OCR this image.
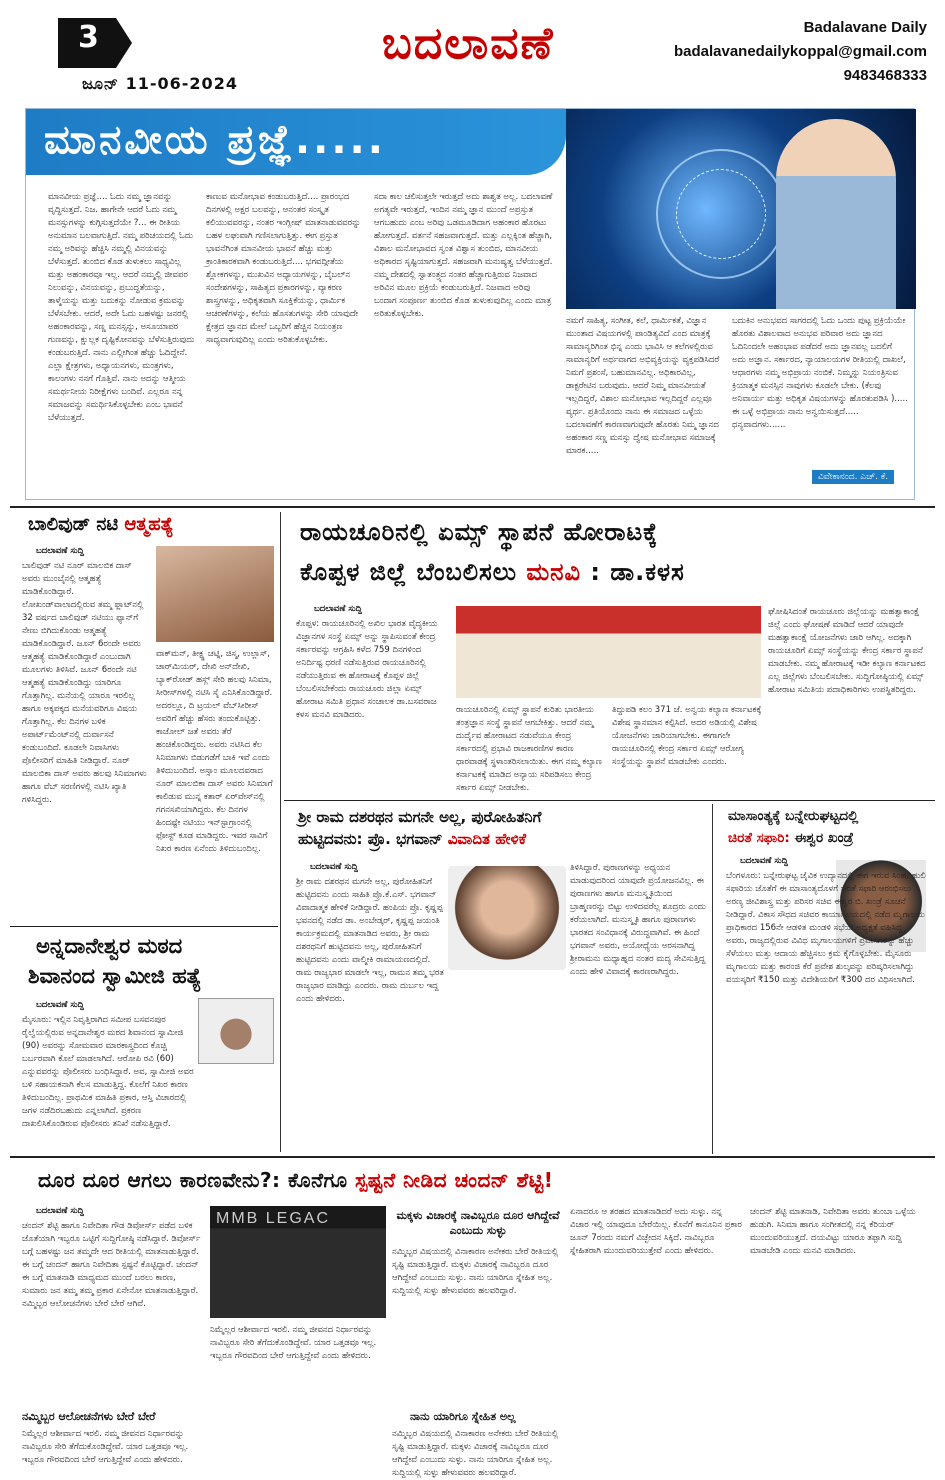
3
ಜೂನ್ 11-06-2024
ಬದಲಾವಣೆ	Badalavane Daily
badalavanedailykoppal@gmail.com
9483468333
ಮಾನವೀಯ ಪ್ರಜ್ಞೆ.....
ಮಾನವೀಯ ಪ್ರಜ್ಞೆ.... ಓದು ನಮ್ಮ ಜ್ಞಾನವನ್ನು ವೃದ್ಧಿಸುತ್ತದೆ. ನಿಜ. ಹಾಗೇನೇ ಆದರೆ ಓದು ನಮ್ಮ ಮನಸ್ಸುಗಳನ್ನು ಕುಗ್ಗಿಸುತ್ತದೆಯೇ ?... ಈ ರೀತಿಯ ಅನುಮಾನ ಬಲವಾಗುತ್ತಿದೆ. ನಮ್ಮ ಪರಿಚಯದಲ್ಲಿ ಓದು ನಮ್ಮ ಅರಿವನ್ನು ಹೆಚ್ಚಿಸಿ ನಮ್ಮಲ್ಲಿ ವಿನಯವನ್ನು ಬೆಳೆಸುತ್ತದೆ. ತುಂಬಿದ ಕೊಡ ತುಳುಕಲು ಸಾಧ್ಯವಿಲ್ಲ ಮತ್ತು ಅಹಂಕಾರವೂ ಇಲ್ಲ. ಆದರೆ ನಮ್ಮಲ್ಲಿ ಜೀವಪರ ನಿಲುವನ್ನು, ವಿನಯವನ್ನು, ಪ್ರಬುದ್ಧತೆಯನ್ನು, ತಾಳ್ಮೆಯನ್ನು ಮತ್ತು ಬದುಕನ್ನು ನೋಡುವ ಕ್ರಮವನ್ನು ಬೆಳೆಸಬೇಕು. ಆದರೆ, ಅದೇ ಓದು ಬಹಳಷ್ಟು ಜನರಲ್ಲಿ ಅಹಂಕಾರವನ್ನು, ಸಣ್ಣ ಮನಸ್ಸನ್ನು, ಅಸೂಯಾಪರ ಗುಣವನ್ನು, ಕ್ಷುಲ್ಲಕ ದೃಷ್ಟಿಕೋನವನ್ನು ಬೆಳೆಸುತ್ತಿರುವುದು ಕಂಡುಬರುತ್ತಿದೆ. ನಾನು ಎಲ್ಲೀಗಿಂತ ಹೆಚ್ಚು ಓದಿದ್ದೇನೆ. ಎಲ್ಲಾ ಕ್ಷೇತ್ರಗಳು, ಅಧ್ಯಾಯನಗಳು, ಮಂತ್ರಗಳು, ಕಾಲಂಗಳು ನನಗೆ ಗೊತ್ತಿವೆ. ನಾನು ಅದನ್ನು ಆತ್ಮೀಯ ಸಮರ್ಥನೀಯ ನಿರೀಕ್ಷೆಗಳು ಬಂದಿವೆ. ಎಲ್ಲರೂ ನನ್ನ ಸಮಾಜವನ್ನು ಸಮರ್ಥಿಸಿಕೊಳ್ಳಬೇಕು ಎಂಬ ಭಾವನೆ ಬೆಳೆಯುತ್ತದೆ.
ಕಾಣುವ ಮನೋಭಾವ ಕಂಡುಬರುತ್ತಿದೆ.... ಪ್ರಾರಂಭದ ದಿನಗಳಲ್ಲಿ ಅಕ್ಷರ ಬಲವನ್ನು, ಆನಂತರ ಸಂಸ್ಕೃತ ಕಲಿಯುವವರನ್ನು, ನಂತರ ಇಂಗ್ಲೀಷ್ ಮಾತನಾಡುವವರನ್ನು ಬಹಳ ಲಘುವಾಗಿ ಗಣಿಸಲಾಗುತ್ತಿತ್ತು. ಈಗ ಪ್ರಸ್ತುತ ಭಾವನೆಗಿಂತ ಮಾನವೀಯ ಭಾವನೆ ಹೆಚ್ಚು ಮತ್ತು ಕ್ರಾಂತಿಕಾರಕವಾಗಿ ಕಂಡುಬರುತ್ತಿದೆ.... ಭಗವದ್ಗೀತೆಯ ಶ್ಲೋಕಗಳನ್ನು, ಮುಖವಿನ ಅಧ್ಯಾಯಗಳನ್ನು, ಬೈಬಲ್‌ನ ಸಂದೇಶಗಳನ್ನು, ಸಾಹಿತ್ಯದ ಪ್ರಕಾರಗಳನ್ನು, ವ್ಯಾಕರಣ ಶಾಸ್ತ್ರಗಳನ್ನು, ಅಧಿಕೃತವಾಗಿ ಸೂಕ್ತಿಕೆಯನ್ನು, ಧಾರ್ಮಿಕ ಆಚರಣೆಗಳನ್ನು, ಕಲೆಯ ಹೊಸತುಗಳನ್ನು ಸೇರಿ ಯಾವುದೇ ಕ್ಷೇತ್ರದ ಜ್ಞಾನದ ಮೇಲೆ ಒಬ್ಬರಿಗೆ ಹೆಚ್ಚಿನ ನಿಯಂತ್ರಣ ಸಾಧ್ಯವಾಗುವುದಿಲ್ಲ ಎಂದು ಅರಿತುಕೊಳ್ಳಬೇಕು.
ಸದಾ ಕಾಲ ಚಲಿಸುತ್ತಲೇ ಇರುತ್ತದೆ ಅದು ಶಾಶ್ವತ ಅಲ್ಲ. ಬದಲಾವಣೆ ಅಗತ್ಯವೇ ಇರುತ್ತದೆ, ಇಂದಿನ ನಮ್ಮ ಜ್ಞಾನ ಮುಂದೆ ಅಪ್ರಸ್ತುತ ಆಗಬಹುದು ಎಂಬ ಅರಿವು ಒಡಮೂಡಿದಾಗ ಅಹಂಕಾರ ಹೊರಟು ಹೋಗುತ್ತದೆ. ವರ್ತನೆ ಸಹಜವಾಗುತ್ತದೆ. ಮತ್ತು ಎಲ್ಲಕ್ಕಿಂತ ಹೆಚ್ಚಾಗಿ, ವಿಶಾಲ ಮನೋಭಾವದ ಸ್ವಂತ ವಿಶ್ವಾಸ ತುಂಬಿದ, ಮಾನವೀಯ ಅಧಿಕಾರದ ಸೃಷ್ಟಿಯಾಗುತ್ತದೆ. ಸಹಜವಾಗಿ ಮನುಷ್ಯತ್ವ ಬೆಳೆಯುತ್ತದೆ. ನಮ್ಮ ದೇಶದಲ್ಲಿ ಸ್ವಾತಂತ್ರ್ಯದ ನಂತರ ಹೆಚ್ಚಾಗುತ್ತಿರುವ ನಿಜವಾದ ಅರಿವಿನ ಮೂಲ ಪ್ರಕ್ರಿಯೆ ಕಂಡುಬರುತ್ತಿದೆ. ನಿಜವಾದ ಅರಿವು ಬಂದಾಗ ಸಂಪೂರ್ಣ ತುಂಬಿದ ಕೊಡ ತುಳುಕುವುದಿಲ್ಲ ಎಂದು ಮಾತ್ರ ಅರಿತುಕೊಳ್ಳಬೇಕು.
ನಮಗೆ ಸಾಹಿತ್ಯ, ಸಂಗೀತ, ಕಲೆ, ಧಾರ್ಮಿಕತೆ, ವಿಜ್ಞಾನ ಮುಂತಾದ ವಿಷಯಗಳಲ್ಲಿ ಪಾಂಡಿತ್ಯವಿದೆ ಎಂದ ಮಾತ್ರಕ್ಕೆ ಸಾಮಾನ್ಯರಿಗಿಂತ ಭಿನ್ನ ಎಂದು ಭಾವಿಸಿ ಆ ಕಲೆಗಳಲ್ಲಿರುವ ಸಾಮಾನ್ಯರಿಗೆ ಅರ್ಥವಾಗದ ಅಭಿವ್ಯಕ್ತಿಯನ್ನು ವ್ಯಕ್ತಪಡಿಸಿದರೆ ನಿಮಗೆ ಪ್ರಶಂಸೆ, ಬಹುಮಾನವಿಲ್ಲ. ಅಧಿಕಾರವಿಲ್ಲ, ಡಾಕ್ಟರೇಟಿನ ಬರುವುದು. ಆದರೆ ನಿಮ್ಮ ಮಾನವೀಯತೆ ಇಲ್ಲದಿದ್ದರೆ, ವಿಶಾಲ ಮನೋಭಾವ ಇಲ್ಲದಿದ್ದರೆ ಎಲ್ಲವೂ ವ್ಯರ್ಥ. ಪ್ರತಿಯೊಂದು ನಾನು ಈ ಸಮಾಜದ ಒಳ್ಳೆಯ ಬದಲಾವಣೆಗೆ ಕಾರಣವಾಗುವುದೇ ಹೊರತು ನಿಮ್ಮ ಜ್ಞಾನದ ಅಹಂಕಾರ ಸಣ್ಣ ಮನಸ್ಸು ದ್ವೇಷ ಮನೋಭಾವ ಸಮಾಜಕ್ಕೆ ಮಾರಕ.....
ಬದುಕಿನ ಅನುಭವದ ಸಾಗರದಲ್ಲಿ ಓದು ಒಂದು ಪುಟ್ಟ ಪ್ರಕ್ರಿಯೆಯೇ ಹೊರತು ವಿಶಾಲವಾದ ಅನುಭವ ಪರಿವಾರ ಅದು ಜ್ಞಾನದ ಓದಿನಿಂದಲೇ ಅಹಂಭಾವ ಪಡೆದರೆ ಅದು ಜ್ಞಾನವಲ್ಲ ಬದಲಿಗೆ ಅದು ಅಜ್ಞಾನ. ಸರ್ಕಾರದ, ನ್ಯಾಯಾಲಯಗಳ ರೀತಿಯಲ್ಲಿ ದಾಖಲೆ, ಆಧಾರಗಳು ನಮ್ಮ ಅಭಿಪ್ರಾಯ ನಂಬಿಕೆ. ನಿಮ್ಮನ್ನು ನಿಯಂತ್ರಿಸುವ ಕ್ರಿಯಾತ್ಮಕ ಮನಸ್ಸಿನ ನಾವುಗಳು ಕೂಡಲೇ ಬೇಕು. (ಕೆಲವು ಅನಿವಾರ್ಯ ಮತ್ತು ಅಧಿಕೃತ ವಿಷಯಗಳನ್ನು ಹೊರತುಪಡಿಸಿ )..... ಈ ಒಳ್ಳೆ ಅಭಿಪ್ರಾಯ ನಾನು ಅನ್ವಯಿಸುತ್ತದೆ..... ಧನ್ಯವಾದಗಳು......
ವಿವೇಕಾನಂದ. ಎಚ್. ಕೆ.
ಬಾಲಿವುಡ್ ನಟಿ ಆತ್ಮಹತ್ಯೆ
ಬದಲಾವಣೆ ಸುದ್ದಿ
ಬಾಲಿವುಡ್ ನಟಿ ನೂರ್ ಮಾಲಬಿಕ ದಾಸ್ ಅವರು ಮುಂಬೈನಲ್ಲಿ ಆತ್ಮಹತ್ಯೆ ಮಾಡಿಕೊಂಡಿದ್ದಾರೆ. ಲೋಖಂಡ್‌ವಾಲಾದಲ್ಲಿರುವ ತಮ್ಮ ಫ್ಲಾಟ್‌ನಲ್ಲಿ 32 ವರ್ಷದ ಬಾಲಿವುಡ್ ನಟಿಯು ಫ್ಯಾನ್‌ಗೆ ನೇಣು ಬಿಗಿದುಕೊಂಡು ಆತ್ಮಹತ್ಯೆ ಮಾಡಿಕೊಂಡಿದ್ದಾರೆ. ಜೂನ್ 6ರಂದೇ ಅವರು ಆತ್ಮಹತ್ಯೆ ಮಾಡಿಕೊಂಡಿದ್ದಾರೆ ಎಂಬುದಾಗಿ ಮೂಲಗಳು ತಿಳಿಸಿವೆ. ಜೂನ್ 6ರಂದೇ ನಟಿ ಆತ್ಮಹತ್ಯೆ ಮಾಡಿಕೊಂಡಿದ್ದು ಯಾರಿಗೂ ಗೊತ್ತಾಗಿಲ್ಲ. ಮನೆಯಲ್ಲಿ ಯಾರೂ ಇರಲಿಲ್ಲ ಹಾಗೂ ಅಕ್ಕಪಕ್ಕದ ಮನೆಯವರಿಗೂ ವಿಷಯ ಗೊತ್ತಾಗಿಲ್ಲ. ಕೆಲ ದಿನಗಳ ಬಳಿಕ ಅಪಾರ್ಟ್‌ಮೆಂಟ್‌ನಲ್ಲಿ ದುರ್ವಾಸನೆ ಕಂಡುಬಂದಿದೆ. ಕೂಡಲೇ ನಿವಾಸಿಗಳು ಪೊಲೀಸರಿಗೆ ಮಾಹಿತಿ ನೀಡಿದ್ದಾರೆ. ನೂರ್ ಮಾಲಬಿಕಾ ದಾಸ್ ಅವರು ಹಲವು ಸಿನಿಮಾಗಳು ಹಾಗೂ ವೆಬ್ ಸರಣಿಗಳಲ್ಲಿ ನಟಿಸಿ ಖ್ಯಾತಿ ಗಳಿಸಿದ್ದರು.
ವಾಕ್‌ಮನ್, ತೀಕ್ಷ್ಣ ಚಟ್ನಿ, ಜಿಸ್ಮ, ಉಲ್ಲಾಸ್, ಚಾರ್‌ಮಿಯರ್, ದೇಖಿ ಅನ್‌ದೇಖಿ, ಬ್ಯಾಕ್‌ರೋಡ್ ಹಸ್ಲ್ ಸೇರಿ ಹಲವು ಸಿನಿಮಾ, ಸೀರೀಸ್‌ಗಳಲ್ಲಿ ನಟಿಸಿ ಸೈ ಎನಿಸಿಕೊಂಡಿದ್ದಾರೆ. ಅದರಲ್ಲೂ, ದಿ ಟ್ರಯಲ್ ವೆಬ್‌ಸೀರೀಸ್ ಅವರಿಗೆ ಹೆಚ್ಚು ಹೆಸರು ತಂದುಕೊಟ್ಟಿತ್ತು. ಕಾಜೋಲ್ ಜತೆ ಅವರು ತೆರೆ ಹಂಚಿಕೊಂಡಿದ್ದರು. ಅವರು ನಟಿಸಿದ ಕೆಲ ಸಿನಿಮಾಗಳು ಬಿಡುಗಡೆಗೆ ಬಾಕಿ ಇವೆ ಎಂದು ತಿಳಿದುಬಂದಿದೆ. ಅಸ್ಸಾಂ ಮೂಲದವರಾದ ನೂರ್ ಮಾಲಬಿಕಾ ದಾಸ್ ಅವರು ಸಿನಿಮಾಗೆ ಕಾಲಿಡುವ ಮುನ್ನ ಕತಾರ್ ಏರ್‌ವೇಸ್‌ನಲ್ಲಿ ಗಗನಸಖಿಯಾಗಿದ್ದರು. ಕೆಲ ದಿನಗಳ ಹಿಂದಷ್ಟೇ ನಟಿಯು ಇನ್‌ಸ್ಟಾಗ್ರಾಂನಲ್ಲಿ ಫೋಸ್ಟ್ ಕೂಡ ಮಾಡಿದ್ದರು. ಇವರ ಸಾವಿಗೆ ನಿಖರ ಕಾರಣ ಏನೆಂದು ತಿಳಿದುಬಂದಿಲ್ಲ.
ರಾಯಚೂರಿನಲ್ಲಿ ಏಮ್ಸ್ ಸ್ಥಾಪನೆ ಹೋರಾಟಕ್ಕೆ
ಕೊಪ್ಪಳ ಜಿಲ್ಲೆ ಬೆಂಬಲಿಸಲು ಮನವಿ : ಡಾ.ಕಳಸ
ಬದಲಾವಣೆ ಸುದ್ದಿ
ಕೊಪ್ಪಳ: ರಾಯಚೂರಿನಲ್ಲಿ ಅಖಿಲ ಭಾರತ ವೈದ್ಯಕೀಯ ವಿಜ್ಞಾನಗಳ ಸಂಸ್ಥೆ ಏಮ್ಸ್ ಅನ್ನು ಸ್ಥಾಪಿಸುವಂತೆ ಕೇಂದ್ರ ಸರ್ಕಾರವನ್ನು ಆಗ್ರಹಿಸಿ ಕಳೆದ 759 ದಿನಗಳಿಂದ ಅನಿರ್ದಿಷ್ಟ ಧರಣಿ ನಡೆಸುತ್ತಿರುವ ರಾಯಚೂರಿನಲ್ಲಿ ನಡೆಯುತ್ತಿರುವ ಈ ಹೋರಾಟಕ್ಕೆ ಕೊಪ್ಪಳ ಜಿಲ್ಲೆ ಬೆಂಬಲಿಸಬೇಕೆಂದು ರಾಯಚೂರು ಜಿಲ್ಲಾ ಏಮ್ಸ್ ಹೋರಾಟ ಸಮಿತಿ ಪ್ರಧಾನ ಸಂಚಾಲಕ ಡಾ.ಬಸವರಾಜ ಕಳಸ ಮನವಿ ಮಾಡಿದರು.	ರಾಯಚೂರಿನಲ್ಲಿ ಏಮ್ಸ್ ಸ್ಥಾಪನೆ ಕುರಿತು ಭಾರತೀಯ ತಂತ್ರಜ್ಞಾನ ಸಂಸ್ಥೆ ಸ್ಥಾಪನೆ ಆಗಬೇಕಿತ್ತು. ಆದರೆ ನಮ್ಮ ದುರ್ದೈವ ಹೋರಾಟದ ನಡುವೆಯೂ ಕೇಂದ್ರ ಸರ್ಕಾರದಲ್ಲಿ ಪ್ರಭಾವಿ ರಾಜಕಾರಣಿಗಳ ಕಾರಣ ಧಾರವಾಡಕ್ಕೆ ಸ್ಥಳಾಂತರಿಸಲಾಯಿತು. ಈಗ ನಮ್ಮ ಕಲ್ಯಾಣ ಕರ್ನಾಟಕಕ್ಕೆ ಮಾಡಿದ ಅನ್ಯಾಯ ಸರಿಪಡಿಸಲು ಕೇಂದ್ರ ಸರ್ಕಾರ ಏಮ್ಸ್ ನೀಡಬೇಕು.
ತಿದ್ದುಪಡಿ ಕಲಂ 371 ಜೆ. ಅನ್ವಯ ಕಲ್ಯಾಣ ಕರ್ನಾಟಕಕ್ಕೆ ವಿಶೇಷ ಸ್ಥಾನಮಾನ ಕಲ್ಪಿಸಿದೆ. ಅದರ ಅಡಿಯಲ್ಲಿ ವಿಶೇಷ ಯೋಜನೆಗಳು ಜಾರಿಯಾಗಬೇಕು. ಈಗಾಗಲೇ ರಾಯಚೂರಿನಲ್ಲಿ ಕೇಂದ್ರ ಸರ್ಕಾರ ಏಮ್ಸ್ ಆರೋಗ್ಯ ಸಂಸ್ಥೆಯನ್ನು ಸ್ಥಾಪನೆ ಮಾಡಬೇಕು ಎಂದರು.
ಘೋಷಿಸಿದಂತೆ ರಾಯಚೂರು ಜಿಲ್ಲೆಯನ್ನು ಮಹತ್ವಾಕಾಂಕ್ಷೆ ಜಿಲ್ಲೆ ಎಂದು ಘೋಷಣೆ ಮಾಡಿದೆ ಆದರೆ ಯಾವುದೇ ಮಹತ್ವಾಕಾಂಕ್ಷೆ ಯೋಜನೆಗಳು ಜಾರಿ ಆಗಿಲ್ಲ. ಅದಕ್ಕಾಗಿ ರಾಯಚೂರಿಗೆ ಏಮ್ಸ್ ಸಂಸ್ಥೆಯನ್ನು ಕೇಂದ್ರ ಸರ್ಕಾರ ಸ್ಥಾಪನೆ ಮಾಡಬೇಕು. ನಮ್ಮ ಹೋರಾಟಕ್ಕೆ ಇಡೀ ಕಲ್ಯಾಣ ಕರ್ನಾಟಕದ ಎಲ್ಲ ಜಿಲ್ಲೆಗಳು ಬೆಂಬಲಿಸಬೇಕು. ಸುದ್ದಿಗೋಷ್ಠಿಯಲ್ಲಿ ಏಮ್ಸ್ ಹೋರಾಟ ಸಮಿತಿಯ ಪದಾಧಿಕಾರಿಗಳು ಉಪಸ್ಥಿತರಿದ್ದರು.
ಶ್ರೀ ರಾಮ ದಶರಥನ ಮಗನೇ ಅಲ್ಲ, ಪುರೋಹಿತನಿಗೆ
ಹುಟ್ಟಿದವನು: ಪ್ರೊ. ಭಗವಾನ್ ವಿವಾದಿತ ಹೇಳಿಕೆ
ಬದಲಾವಣೆ ಸುದ್ದಿ
ಶ್ರೀ ರಾಮ ದಶರಥನ ಮಗನೇ ಅಲ್ಲ, ಪುರೋಹಿತನಿಗೆ ಹುಟ್ಟಿದವನು ಎಂದು ಸಾಹಿತಿ ಪ್ರೊ.ಕೆ.ಎಸ್. ಭಗವಾನ್ ವಿವಾದಾತ್ಮಕ ಹೇಳಿಕೆ ನೀಡಿದ್ದಾರೆ. ಹಂಪಿಯ ಪ್ರೊ. ಕೃಷ್ಣಪ್ಪ ಭವನದಲ್ಲಿ ನಡೆದ ಡಾ. ಅಂಬೇಡ್ಕರ್, ಕೃಷ್ಣಪ್ಪ ಜಯಂತಿ ಕಾರ್ಯಕ್ರಮದಲ್ಲಿ ಮಾತನಾಡಿದ ಅವರು, ಶ್ರೀ ರಾಮ ದಶರಥನಿಗೆ ಹುಟ್ಟಿದವನು ಅಲ್ಲ, ಪುರೋಹಿತನಿಗೆ ಹುಟ್ಟಿದವನು ಎಂದು ವಾಲ್ಮೀಕಿ ರಾಮಾಯಣದಲ್ಲಿದೆ. ರಾಮ ರಾಜ್ಯಭಾರ ಮಾಡಲೇ ಇಲ್ಲ, ರಾಮನ ತಮ್ಮ ಭರತ ರಾಜ್ಯಭಾರ ಮಾಡಿದ್ದು ಎಂದರು. ರಾಮ ದುರ್ಬಲ ಇದ್ದ ಎಂದು ಹೇಳಿದರು.
ತಿಳಿಸಿದ್ದಾರೆ. ಪುರಾಣಗಳನ್ನು ಅಧ್ಯಯನ ಮಾಡುವುದರಿಂದ ಯಾವುದೇ ಪ್ರಯೋಜನವಿಲ್ಲ. ಈ ಪುರಾಣಗಳು ಹಾಗೂ ಮನುಸ್ಮೃತಿಯಿಂದ ಬ್ರಾಹ್ಮಣರನ್ನು ಬಿಟ್ಟು ಉಳಿದವರೆಲ್ಲ ಶೂದ್ರರು ಎಂದು ಕರೆಯಲಾಗಿದೆ. ಮನುಸ್ಮೃತಿ ಹಾಗೂ ಪುರಾಣಗಳು ಭಾರತದ ಸಂವಿಧಾನಕ್ಕೆ ವಿರುದ್ಧವಾಗಿವೆ. ಈ ಹಿಂದೆ ಭಗವಾನ್ ಅವರು, ಅಯೋಧ್ಯೆಯ ಅರಸನಾಗಿದ್ದ ಶ್ರೀರಾಮನು ಮಧ್ಯಾಹ್ನದ ನಂತರ ಮದ್ಯ ಸೇವಿಸುತ್ತಿದ್ದ ಎಂದು ಹೇಳಿ ವಿವಾದಕ್ಕೆ ಕಾರಣರಾಗಿದ್ದರು.
ಮಾಸಾಂತ್ಯಕ್ಕೆ ಬನ್ನೇರುಘಟ್ಟದಲ್ಲಿ
ಚಿರತೆ ಸಫಾರಿ: ಈಶ್ವರ ಖಂಡ್ರೆ
ಬದಲಾವಣೆ ಸುದ್ದಿ
ಬೆಂಗಳೂರು: ಬನ್ನೇರುಘಟ್ಟ ಜೈವಿಕ ಉದ್ಯಾನದಲ್ಲಿ ಈಗ ಇರುವ ಸಿಂಹ, ಹುಲಿ ಸಫಾರಿಯ ಜೊತೆಗೆ ಈ ಮಾಸಾಂತ್ಯದೊಳಗೆ ಚಿರತೆ ಸಫಾರಿ ಆರಂಭಿಸಲು ಅರಣ್ಯ ಜೀವಿಶಾಸ್ತ್ರ ಮತ್ತು ಪರಿಸರ ಸಚಿವ ಈಶ್ವರ ಬಿ. ಖಂಡ್ರೆ ಸೂಚನೆ ನೀಡಿದ್ದಾರೆ. ವಿಕಾಸ ಸೌಧದ ಸಚಿವರ ಕಾರ್ಯಾಲಯದಲ್ಲಿ ನಡೆದ ಮೃಗಾಲಯ ಪ್ರಾಧಿಕಾರದ 156ನೇ ಆಡಳಿತ ಮಂಡಳಿ ಸಭೆಯ ಅಧ್ಯಕ್ಷತೆ ವಹಿಸಿದ್ದ ಅವರು, ರಾಜ್ಯದಲ್ಲಿರುವ ವಿವಿಧ ಮೃಗಾಲಯಗಳಿಗೆ ಪ್ರವಾಸಿಗರನ್ನು ಹೆಚ್ಚು ಸೆಳೆಯಲು ಮತ್ತು ಆದಾಯ ಹೆಚ್ಚಿಸಲು ಕ್ರಮ ಕೈಗೊಳ್ಳಬೇಕು. ಮೈಸೂರು ಮೃಗಾಲಯ ಮತ್ತು ಕಾರಂಜಿ ಕೆರೆ ಪ್ರವೇಶ ಶುಲ್ಕವನ್ನು ಪರಿಷ್ಕರಿಸಲಾಗಿದ್ದು ವಯಸ್ಕರಿಗೆ ₹150 ಮತ್ತು ವಿದೇಶಿಯರಿಗೆ ₹300 ದರ ವಿಧಿಸಲಾಗಿದೆ.
ಅನ್ನದಾನೇಶ್ವರ ಮಠದ
ಶಿವಾನಂದ ಸ್ವಾಮೀಜಿ ಹತ್ಯೆ
ಬದಲಾವಣೆ ಸುದ್ದಿ
ಮೈಸೂರು: ಇಲ್ಲಿನ ನಿವೃತ್ತಿರಾಗಿದ ಸಮೀಪ ಬಸವನಪುರ ರೈಲ್ವೆಯಲ್ಲಿರುವ ಅನ್ನದಾನೇಶ್ವರ ಮಠದ ಶಿವಾನಂದ ಸ್ವಾಮೀಜಿ (90) ಅವರನ್ನು ಸೋಮವಾರ ಮಾರಕಾಸ್ತ್ರದಿಂದ ಕೊಚ್ಚಿ ಬರ್ಬರವಾಗಿ ಕೊಲೆ ಮಾಡಲಾಗಿದೆ. ಆರೋಪಿ ರವಿ (60) ಎನ್ನುವವರನ್ನು ಪೊಲೀಸರು ಬಂಧಿಸಿದ್ದಾರೆ. ಅವ, ಸ್ವಾಮೀಜಿ ಅವರ ಬಳಿ ಸಹಾಯಕನಾಗಿ ಕೆಲಸ ಮಾಡುತ್ತಿದ್ದ. ಕೊಲೆಗೆ ನಿಖರ ಕಾರಣ ತಿಳಿದುಬಂದಿಲ್ಲ. ಪ್ರಾಥಮಿಕ ಮಾಹಿತಿ ಪ್ರಕಾರ, ಆಸ್ತಿ ವಿಚಾರದಲ್ಲಿ ಜಗಳ ನಡೆದಿರಬಹುದು ಎನ್ನಲಾಗಿದೆ. ಪ್ರಕರಣ ದಾಖಲಿಸಿಕೊಂಡಿರುವ ಪೊಲೀಸರು ತನಿಖೆ ನಡೆಸುತ್ತಿದ್ದಾರೆ.
ದೂರ ದೂರ ಆಗಲು ಕಾರಣವೇನು?: ಕೊನೆಗೂ ಸ್ಪಷ್ಟನೆ ನೀಡಿದ ಚಂದನ್ ಶೆಟ್ಟಿ!
ಬದಲಾವಣೆ ಸುದ್ದಿ
ಚಂದನ್ ಶೆಟ್ಟಿ ಹಾಗೂ ನಿವೇದಿತಾ ಗೌಡ ಡಿವೋರ್ಸ್ ಪಡೆದ ಬಳಿಕ ಜೊತೆಯಾಗಿ ಇಬ್ಬರೂ ಒಟ್ಟಿಗೆ ಸುದ್ದಿಗೋಷ್ಠಿ ನಡೆಸಿದ್ದಾರೆ. ಡಿವೋರ್ಸ್ ಬಗ್ಗೆ ಬಹಳಷ್ಟು ಜನ ತಮ್ಮದೇ ಆದ ರೀತಿಯಲ್ಲಿ ಮಾತನಾಡುತ್ತಿದ್ದಾರೆ. ಈ ಬಗ್ಗೆ ಚಂದನ್ ಹಾಗೂ ನಿವೇದಿತಾ ಸ್ಪಷ್ಟನೆ ಕೊಟ್ಟಿದ್ದಾರೆ. ಚಂದನ್ ಈ ಬಗ್ಗೆ ಮಾತನಾಡಿ ಮಾಧ್ಯಮದ ಮುಂದೆ ಬರಲು ಕಾರಣ, ಸುಮಾರು ಜನ ತಮ್ಮ ತಮ್ಮ ಪ್ರಕಾರ ಏನೇನೋ ಮಾತನಾಡುತ್ತಿದ್ದಾರೆ. ನಮ್ಮಿಬ್ಬರ ಆಲೋಚನೆಗಳು ಬೇರೆ ಬೇರೆ ಆಗಿವೆ.
ನಮ್ಮಿಬ್ಬರ ಆಲೋಚನೆಗಳು ಬೇರೆ ಬೇರೆ
ನಿಮ್ಮೆಲ್ಲರ ಆಶೀರ್ವಾದ ಇರಲಿ. ನಮ್ಮ ಜೀವನದ ನಿರ್ಧಾರವನ್ನು ನಾವಿಬ್ಬರೂ ಸೇರಿ ತೆಗೆದುಕೊಂಡಿದ್ದೇವೆ. ಯಾರ ಒತ್ತಡವೂ ಇಲ್ಲ. ಇಬ್ಬರೂ ಗೌರವದಿಂದ ಬೇರೆ ಆಗುತ್ತಿದ್ದೇವೆ ಎಂದು ಹೇಳಿದರು.
MMB LEGAC
ನಿಮ್ಮೆಲ್ಲರ ಆಶೀರ್ವಾದ ಇರಲಿ. ನಮ್ಮ ಜೀವನದ ನಿರ್ಧಾರವನ್ನು ನಾವಿಬ್ಬರೂ ಸೇರಿ ತೆಗೆದುಕೊಂಡಿದ್ದೇವೆ. ಯಾರ ಒತ್ತಡವೂ ಇಲ್ಲ. ಇಬ್ಬರೂ ಗೌರವದಿಂದ ಬೇರೆ ಆಗುತ್ತಿದ್ದೇವೆ ಎಂದು ಹೇಳಿದರು.
ಮಕ್ಕಳು ವಿಚಾರಕ್ಕೆ ನಾವಿಬ್ಬರೂ ದೂರ ಆಗಿದ್ದೇವೆ ಎಂಬುದು ಸುಳ್ಳು
ನಮ್ಮಿಬ್ಬರ ವಿಷಯದಲ್ಲಿ ವಿನಾಕಾರಣ ಅನೇಕರು ಬೇರೆ ರೀತಿಯಲ್ಲಿ ಸೃಷ್ಟಿ ಮಾಡುತ್ತಿದ್ದಾರೆ. ಮಕ್ಕಳು ವಿಚಾರಕ್ಕೆ ನಾವಿಬ್ಬರೂ ದೂರ ಆಗಿದ್ದೇವೆ ಎಂಬುದು ಸುಳ್ಳು. ನಾನು ಯಾರಿಗೂ ಸ್ನೇಹಿತ ಅಲ್ಲ. ಸುದ್ದಿಯಲ್ಲಿ ಸುಳ್ಳು ಹೇಳುವವರು ಹಲವರಿದ್ದಾರೆ.
ನಾನು ಯಾರಿಗೂ ಸ್ನೇಹಿತ ಅಲ್ಲ
ನಮ್ಮಿಬ್ಬರ ವಿಷಯದಲ್ಲಿ ವಿನಾಕಾರಣ ಅನೇಕರು ಬೇರೆ ರೀತಿಯಲ್ಲಿ ಸೃಷ್ಟಿ ಮಾಡುತ್ತಿದ್ದಾರೆ. ಮಕ್ಕಳು ವಿಚಾರಕ್ಕೆ ನಾವಿಬ್ಬರೂ ದೂರ ಆಗಿದ್ದೇವೆ ಎಂಬುದು ಸುಳ್ಳು. ನಾನು ಯಾರಿಗೂ ಸ್ನೇಹಿತ ಅಲ್ಲ. ಸುದ್ದಿಯಲ್ಲಿ ಸುಳ್ಳು ಹೇಳುವವರು ಹಲವರಿದ್ದಾರೆ.
ಏನಾದರೂ ಆ ತರಹದ ಮಾತನಾಡಿದರೆ ಅದು ಸುಳ್ಳು. ನನ್ನ ವಿಚಾರ ಇಲ್ಲಿ ಯಾವುದೂ ಬೇರೆಯಿಲ್ಲ. ಕೊನೆಗೆ ಕಾನೂನಿನ ಪ್ರಕಾರ ಜೂನ್ 7ರಂದು ನಮಗೆ ವಿಚ್ಛೇದನ ಸಿಕ್ಕಿದೆ. ನಾವಿಬ್ಬರೂ ಸ್ನೇಹಿತರಾಗಿ ಮುಂದುವರಿಯುತ್ತೇವೆ ಎಂದು ಹೇಳಿದರು.
ಚಂದನ್ ಶೆಟ್ಟಿ ಮಾತನಾಡಿ, ನಿವೇದಿತಾ ಅವರು ತುಂಬಾ ಒಳ್ಳೆಯ ಹುಡುಗಿ. ಸಿನಿಮಾ ಹಾಗೂ ಸಂಗೀತದಲ್ಲಿ ನನ್ನ ಕೆರಿಯರ್ ಮುಂದುವರಿಯುತ್ತದೆ. ದಯವಿಟ್ಟು ಯಾರೂ ತಪ್ಪಾಗಿ ಸುದ್ದಿ ಮಾಡಬೇಡಿ ಎಂದು ಮನವಿ ಮಾಡಿದರು.
